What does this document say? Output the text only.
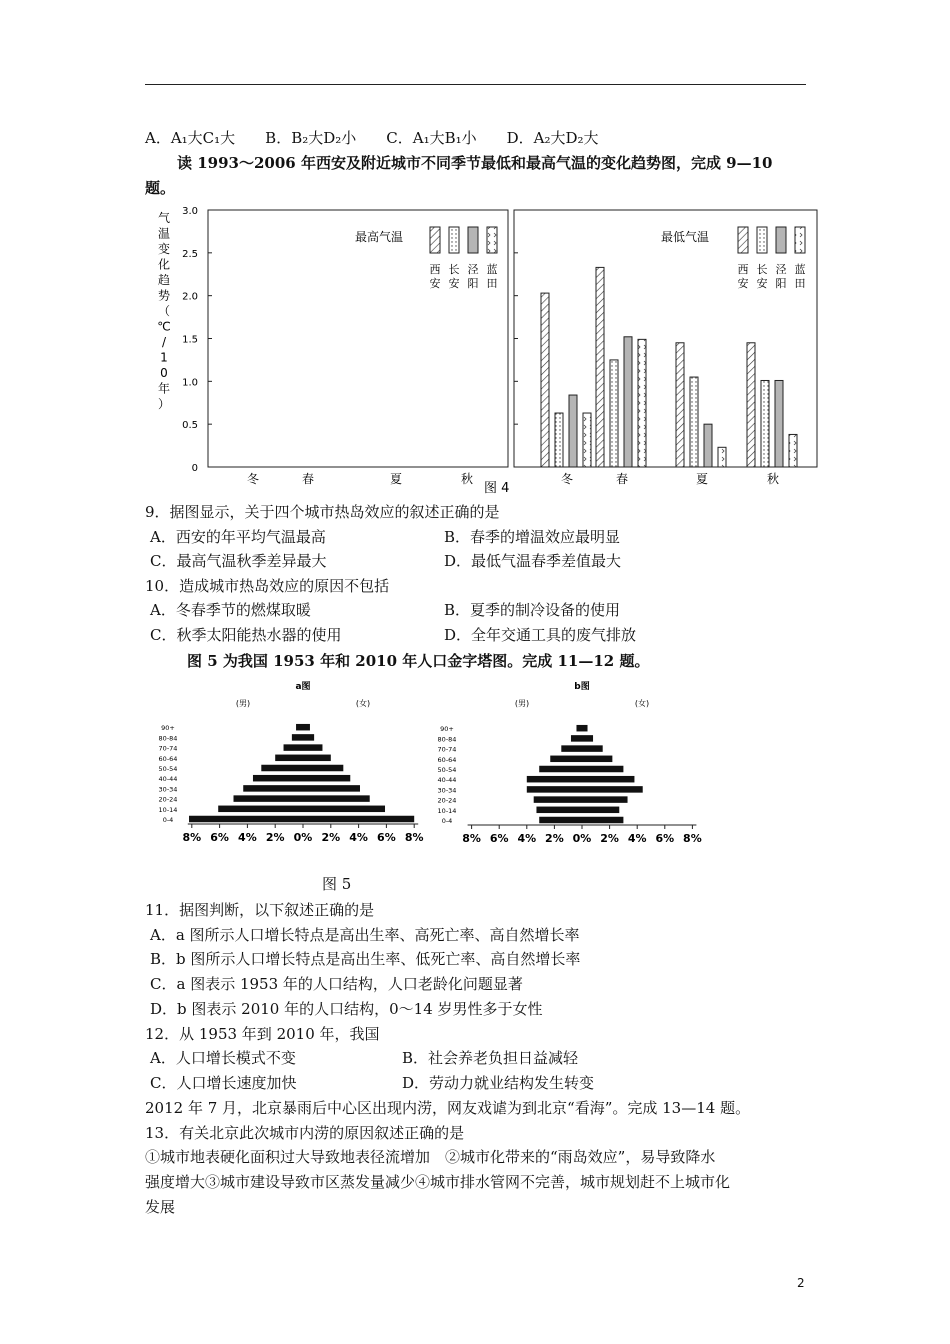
A．A₁大C₁大　　B．B₂大D₂小　　C．A₁大B₁小　　D．A₂大D₂大
读 1993～2006 年西安及附近城市不同季节最低和最高气温的变化趋势图，完成 9—10
题。
气
温
变
化
趋
势
（
℃
/
1
0
年
）
0
0.5
1.0
1.5
2.0
2.5
3.0
最高气温
西
安
长
安
泾
阳
蓝
田
冬	春	夏	秋
最低气温
西
安
长
安
泾
阳
蓝
田
冬	春	夏	秋
图 4
9．据图显示，关于四个城市热岛效应的叙述正确的是
A．西安的年平均气温最高	B．春季的增温效应最明显
C．最高气温秋季差异最大	D．最低气温春季差值最大
10．造成城市热岛效应的原因不包括
A．冬春季节的燃煤取暖	B．夏季的制冷设备的使用
C．秋季太阳能热水器的使用	D．全年交通工具的废气排放
图 5 为我国 1953 年和 2010 年人口金字塔图。完成 11—12 题。
a图
(男)	(女)
8% 6% 4% 2% 0% 2% 4% 6% 8%
0-4
10-14
20-24
30-34
40-44
50-54
60-64
70-74
80-84
90+
b图
(男)	(女)
8% 6% 4% 2% 0% 2% 4% 6% 8%
0-4
10-14
20-24
30-34
40-44
50-54
60-64
70-74
80-84
90+
图 5
11．据图判断，以下叙述正确的是
A．a 图所示人口增长特点是高出生率、高死亡率、高自然增长率
B．b 图所示人口增长特点是高出生率、低死亡率、高自然增长率
C．a 图表示 1953 年的人口结构，人口老龄化问题显著
D．b 图表示 2010 年的人口结构，0～14 岁男性多于女性
12．从 1953 年到 2010 年，我国
A．人口增长模式不变	B．社会养老负担日益减轻
C．人口增长速度加快	D．劳动力就业结构发生转变
2012 年 7 月，北京暴雨后中心区出现内涝，网友戏谑为到北京“看海”。完成 13—14 题。
13．有关北京此次城市内涝的原因叙述正确的是
①城市地表硬化面积过大导致地表径流增加　②城市化带来的“雨岛效应”，易导致降水
强度增大③城市建设导致市区蒸发量减少④城市排水管网不完善，城市规划赶不上城市化
发展
2
